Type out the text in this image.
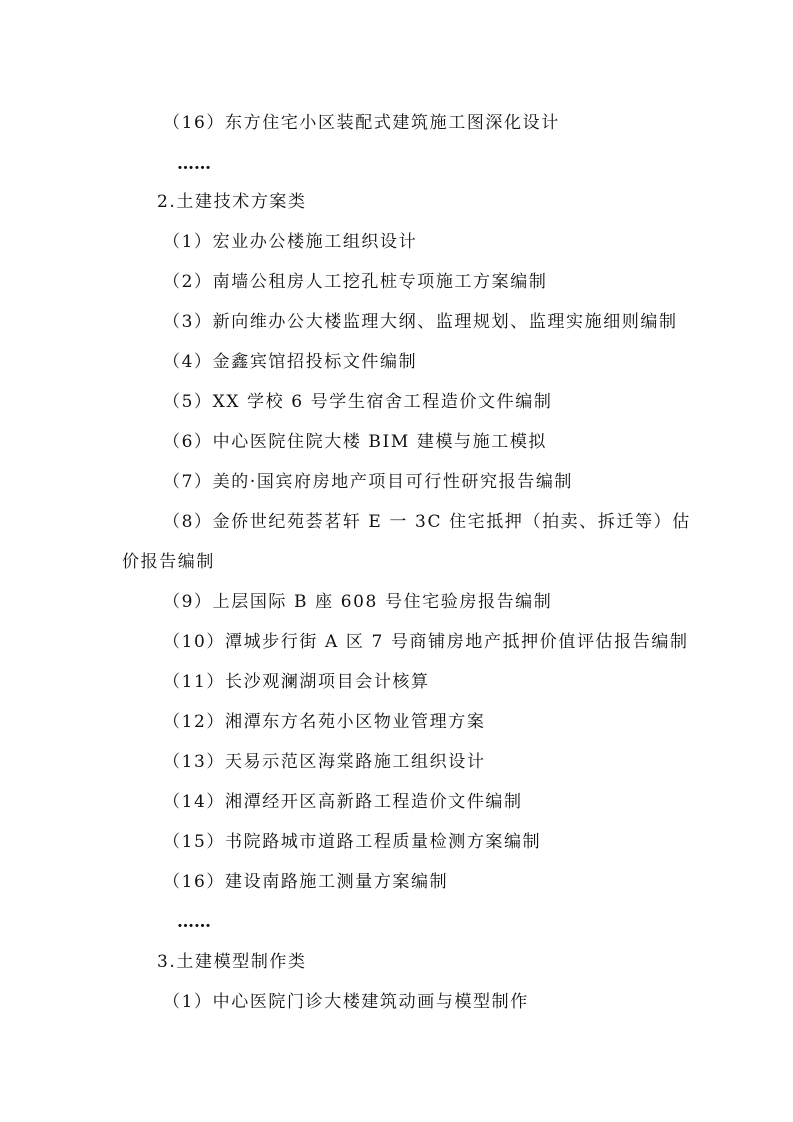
（16）东方住宅小区装配式建筑施工图深化设计
……
2.土建技术方案类
（1）宏业办公楼施工组织设计
（2）南墙公租房人工挖孔桩专项施工方案编制
（3）新向维办公大楼监理大纲、监理规划、监理实施细则编制
（4）金鑫宾馆招投标文件编制
（5）XX 学校 6 号学生宿舍工程造价文件编制
（6）中心医院住院大楼 BIM 建模与施工模拟
（7）美的·国宾府房地产项目可行性研究报告编制
（8）金侨世纪苑荟茗轩 E 一 3C 住宅抵押（拍卖、拆迁等）估
价报告编制
（9）上层国际 B 座 608 号住宅验房报告编制
（10）潭城步行街 A 区 7 号商铺房地产抵押价值评估报告编制
（11）长沙观澜湖项目会计核算
（12）湘潭东方名苑小区物业管理方案
（13）天易示范区海棠路施工组织设计
（14）湘潭经开区高新路工程造价文件编制
（15）书院路城市道路工程质量检测方案编制
（16）建设南路施工测量方案编制
……
3.土建模型制作类
（1）中心医院门诊大楼建筑动画与模型制作
